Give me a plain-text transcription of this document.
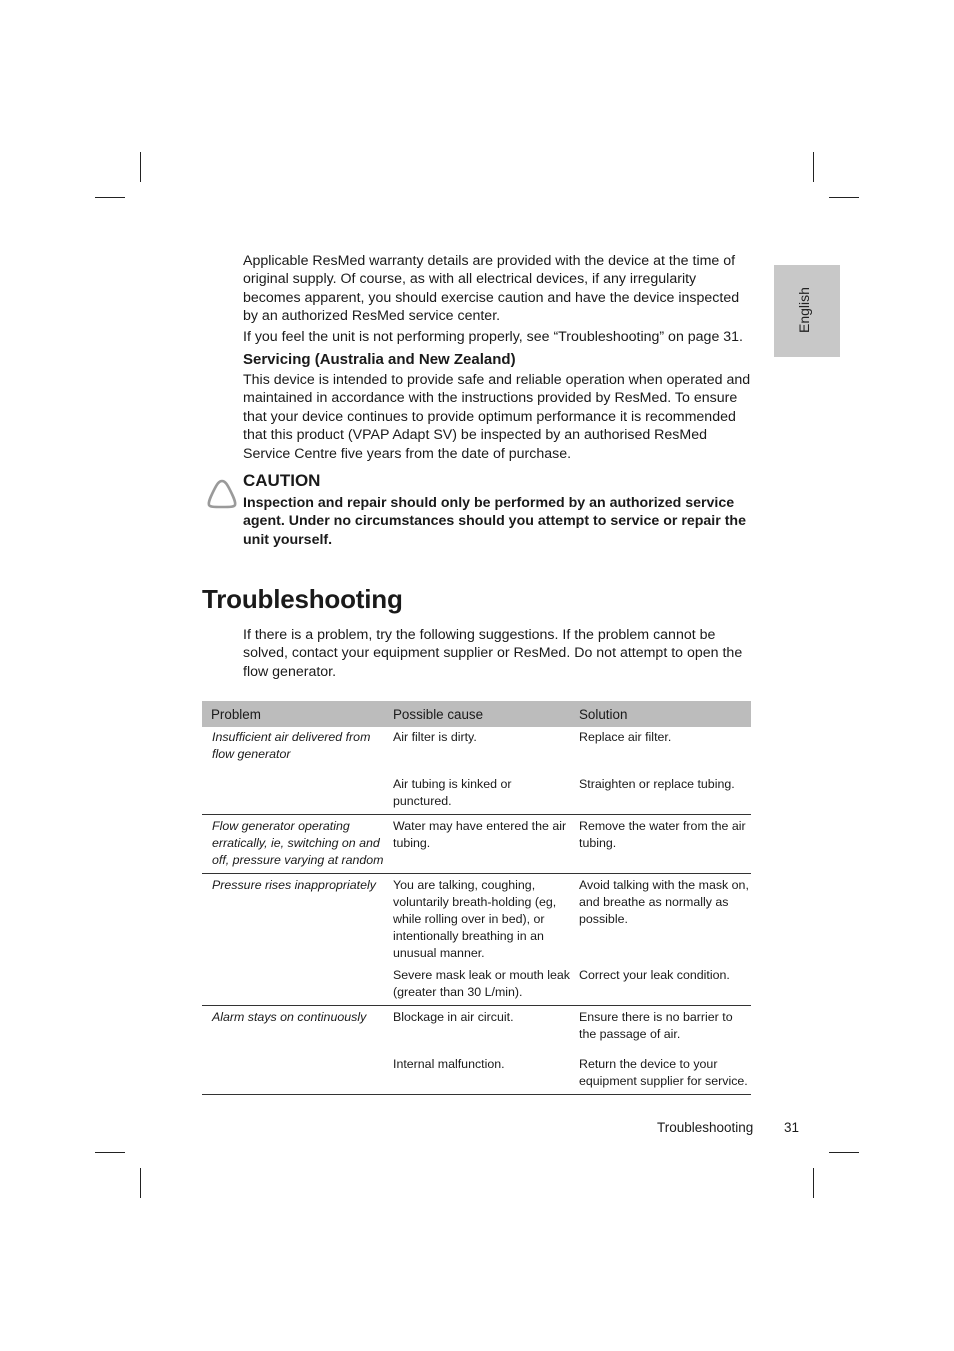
English

Applicable ResMed warranty details are provided with the device at the time of original supply. Of course, as with all electrical devices, if any irregularity becomes apparent, you should exercise caution and have the device inspected by an authorized ResMed service center.

If you feel the unit is not performing properly, see “Troubleshooting” on page 31.

Servicing (Australia and New Zealand)

This device is intended to provide safe and reliable operation when operated and maintained in accordance with the instructions provided by ResMed. To ensure that your device continues to provide optimum performance it is recommended that this product (VPAP Adapt SV) be inspected by an authorised ResMed Service Centre five years from the date of purchase.

CAUTION

Inspection and repair should only be performed by an authorized service agent. Under no circumstances should you attempt to service or repair the unit yourself.

Troubleshooting

If there is a problem, try the following suggestions. If the problem cannot be solved, contact your equipment supplier or ResMed. Do not attempt to open the flow generator.

Problem	Possible cause	Solution
Insufficient air delivered from flow generator	Air filter is dirty.	Replace air filter.
	Air tubing is kinked or punctured.	Straighten or replace tubing.
Flow generator operating erratically, ie, switching on and off, pressure varying at random	Water may have entered the air tubing.	Remove the water from the air tubing.
Pressure rises inappropriately	You are talking, coughing, voluntarily breath-holding (eg, while rolling over in bed), or intentionally breathing in an unusual manner.	Avoid talking with the mask on, and breathe as normally as possible.
	Severe mask leak or mouth leak (greater than 30 L/min).	Correct your leak condition.
Alarm stays on continuously	Blockage in air circuit.	Ensure there is no barrier to the passage of air.
	Internal malfunction.	Return the device to your equipment supplier for service.

Troubleshooting 31
